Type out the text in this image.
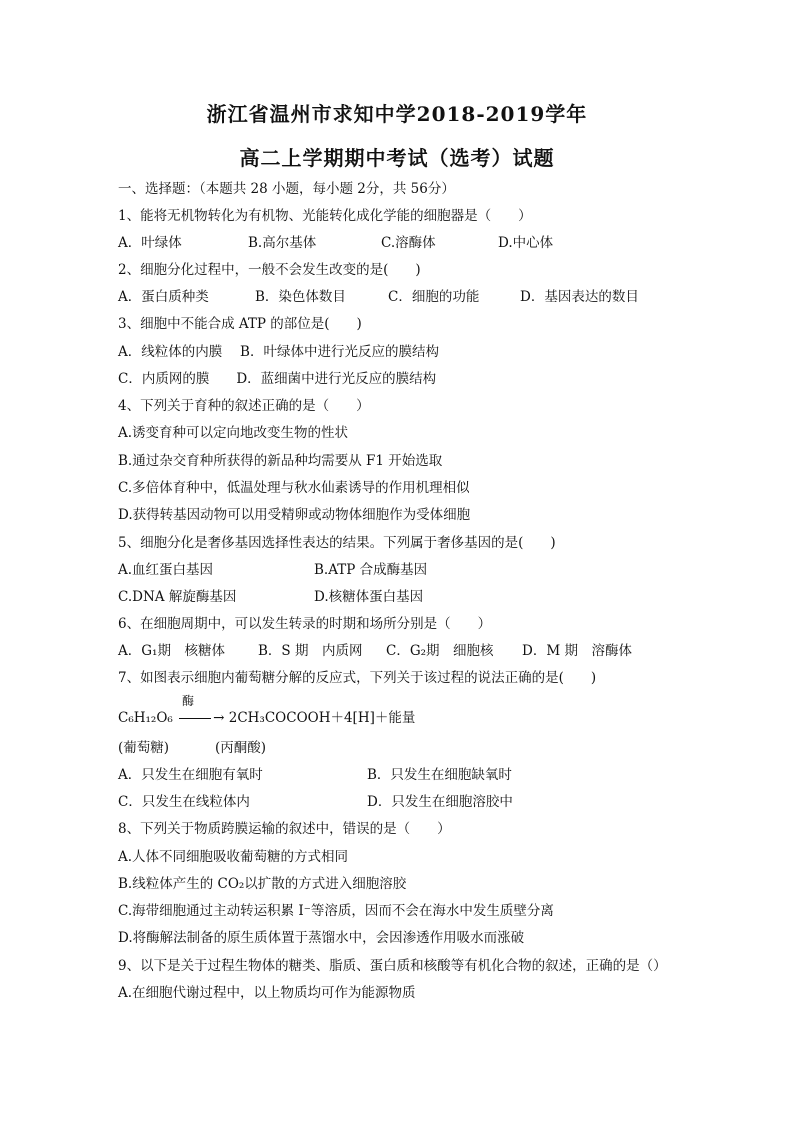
浙江省温州市求知中学2018-2019学年
高二上学期期中考试（选考）试题
一、选择题：（本题共 28 小题，每小题 2分，共 56分）
1、能将无机物转化为有机物、光能转化成化学能的细胞器是（　　）
A．叶绿体	B.高尔基体	C.溶酶体	D.中心体
2、细胞分化过程中，一般不会发生改变的是(　　)
A．蛋白质种类	B．染色体数目	C．细胞的功能	D．基因表达的数目
3、细胞中不能合成 ATP 的部位是(　　)
A．线粒体的内膜　 B．叶绿体中进行光反应的膜结构
C．内质网的膜　　D．蓝细菌中进行光反应的膜结构
4、下列关于育种的叙述正确的是（　　）
A.诱变育种可以定向地改变生物的性状
B.通过杂交育种所获得的新品种均需要从 F1 开始选取
C.多倍体育种中，低温处理与秋水仙素诱导的作用机理相似
D.获得转基因动物可以用受精卵或动物体细胞作为受体细胞
5、细胞分化是奢侈基因选择性表达的结果。下列属于奢侈基因的是(　　)
A.血红蛋白基因	B.ATP 合成酶基因
C.DNA 解旋酶基因	D.核糖体蛋白基因
6、在细胞周期中，可以发生转录的时期和场所分别是（　　）
A．G₁期　核糖体 B．S 期　内质网 C．G₂期　细胞核 D．M 期　溶酶体
7、如图表示细胞内葡萄糖分解的反应式，下列关于该过程的说法正确的是(　　)
酶
C₆H₁₂O₆	→ 2CH₃COCOOH＋4[H]＋能量
(葡萄糖)	(丙酮酸)
A．只发生在细胞有氧时	B．只发生在细胞缺氧时
C．只发生在线粒体内	D．只发生在细胞溶胶中
8、下列关于物质跨膜运输的叙述中，错误的是（　　）
A.人体不同细胞吸收葡萄糖的方式相同
B.线粒体产生的 CO₂以扩散的方式进入细胞溶胶
C.海带细胞通过主动转运积累 I⁻等溶质，因而不会在海水中发生质壁分离
D.将酶解法制备的原生质体置于蒸馏水中，会因渗透作用吸水而涨破
9、以下是关于过程生物体的糖类、脂质、蛋白质和核酸等有机化合物的叙述，正确的是（）
A.在细胞代谢过程中，以上物质均可作为能源物质
